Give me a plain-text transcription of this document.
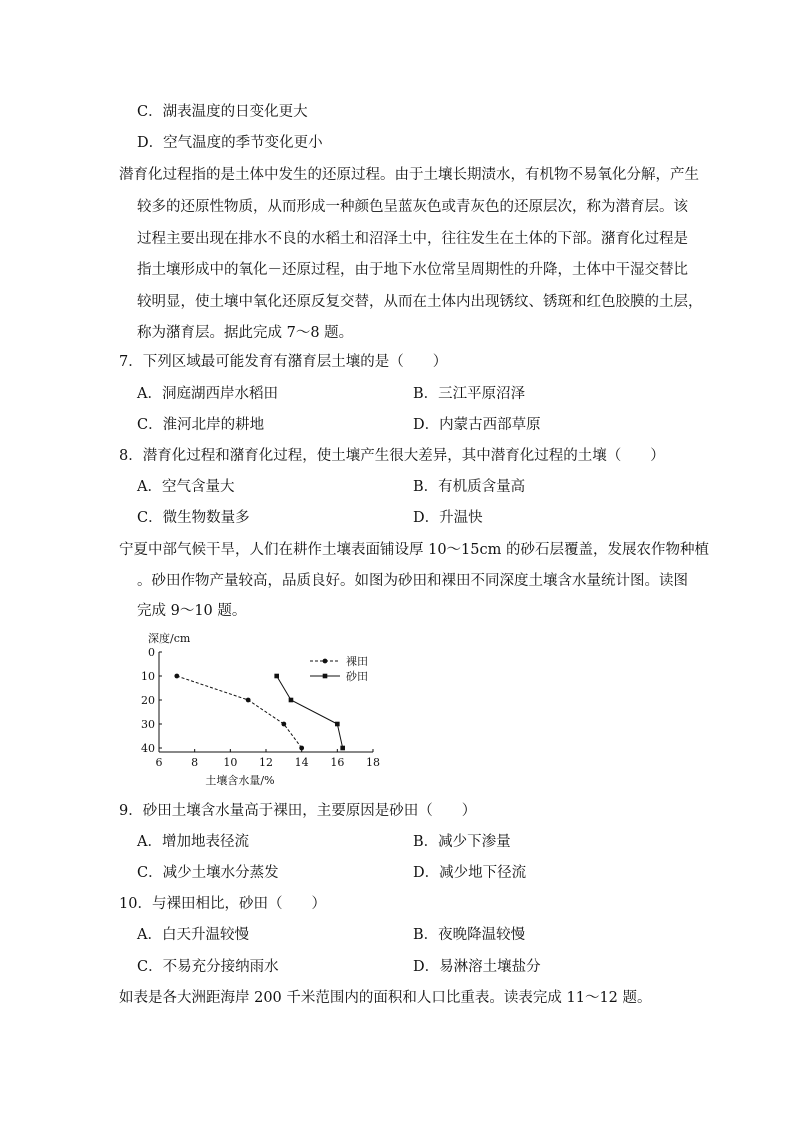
C．湖表温度的日变化更大
D．空气温度的季节变化更小
潜育化过程指的是土体中发生的还原过程。由于土壤长期渍水，有机物不易氧化分解，产生
较多的还原性物质，从而形成一种颜色呈蓝灰色或青灰色的还原层次，称为潜育层。该
过程主要出现在排水不良的水稻土和沼泽土中，往往发生在土体的下部。潴育化过程是
指土壤形成中的氧化－还原过程，由于地下水位常呈周期性的升降，土体中干湿交替比
较明显，使土壤中氧化还原反复交替，从而在土体内出现锈纹、锈斑和红色胶膜的土层，
称为潴育层。据此完成 7～8 题。
7．下列区域最可能发育有潴育层土壤的是（　　）
A．洞庭湖西岸水稻田	B．三江平原沼泽
C．淮河北岸的耕地	D．内蒙古西部草原
8．潜育化过程和潴育化过程，使土壤产生很大差异，其中潜育化过程的土壤（　　）
A．空气含量大	B．有机质含量高
C．微生物数量多	D．升温快
宁夏中部气候干旱，人们在耕作土壤表面铺设厚 10～15cm 的砂石层覆盖，发展农作物种植
。砂田作物产量较高，品质良好。如图为砂田和裸田不同深度土壤含水量统计图。读图
完成 9～10 题。
0
10
20
30
40
6	8 10 12 14 16 18
深度/cm
土壤含水量/%
裸田
砂田
9．砂田土壤含水量高于裸田，主要原因是砂田（　　）
A．增加地表径流	B．减少下渗量
C．减少土壤水分蒸发	D．减少地下径流
10．与裸田相比，砂田（　　）
A．白天升温较慢	B．夜晚降温较慢
C．不易充分接纳雨水	D．易淋溶土壤盐分
如表是各大洲距海岸 200 千米范围内的面积和人口比重表。读表完成 11～12 题。
